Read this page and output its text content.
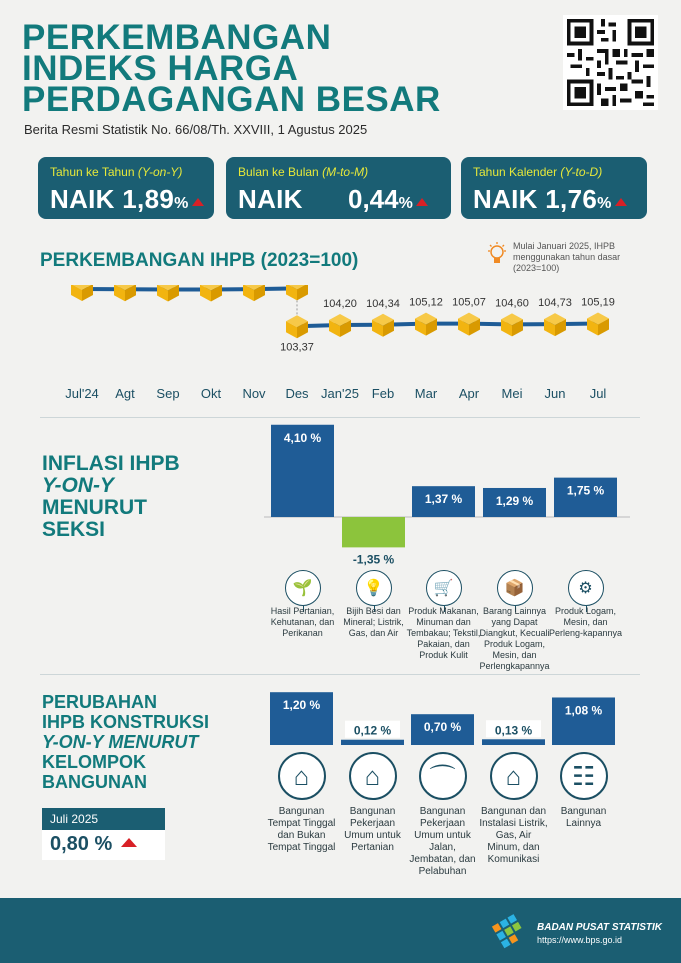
PERKEMBANGAN
INDEKS HARGA
PERDAGANGAN BESAR
Berita Resmi Statistik No. 66/08/Th. XXVIII, 1 Agustus 2025
Tahun ke Tahun (Y-on-Y)
NAIK 1,89%
Bulan ke Bulan (M-to-M)
NAIK 0,44%
Tahun Kalender (Y-to-D)
NAIK 1,76%
PERKEMBANGAN IHPB (2023=100)
Mulai Januari 2025, IHPB menggunakan tahun dasar (2023=100)
103,37
104,20 104,34 105,12 105,07 104,60 104,73 105,19
Jul'24 Agt Sep Okt Nov Des Jan'25 Feb Mar Apr Mei Jun Jul
INFLASI IHPB
Y-ON-Y
MENURUT
SEKSI
4,10 %
-1,35 %
1,37 %	1,29 %
1,75 %
🌱
Hasil Pertanian, Kehutanan, dan Perikanan
💡
Bijih Besi dan Mineral; Listrik, Gas, dan Air
🛒
Produk Makanan, Minuman dan Tembakau; Tekstil, Pakaian, dan Produk Kulit
📦
Barang Lainnya yang Dapat Diangkut, Kecuali Produk Logam, Mesin, dan Perlengkapannya
⚙
Produk Logam, Mesin, dan Perleng-kapannya
PERUBAHAN
IHPB KONSTRUKSI
Y-ON-Y MENURUT
KELOMPOK
BANGUNAN
Juli 2025
0,80 %
1,20 %
0,12 %	0,70 %	0,13 %
1,08 %
⌂
Bangunan Tempat Tinggal dan Bukan Tempat Tinggal
⌂
Bangunan Pekerjaan Umum untuk Pertanian
⌒
Bangunan Pekerjaan Umum untuk Jalan, Jembatan, dan Pelabuhan
⌂
Bangunan dan Instalasi Listrik, Gas, Air Minum, dan Komunikasi
☷
Bangunan Lainnya
BADAN PUSAT STATISTIK
https://www.bps.go.id
